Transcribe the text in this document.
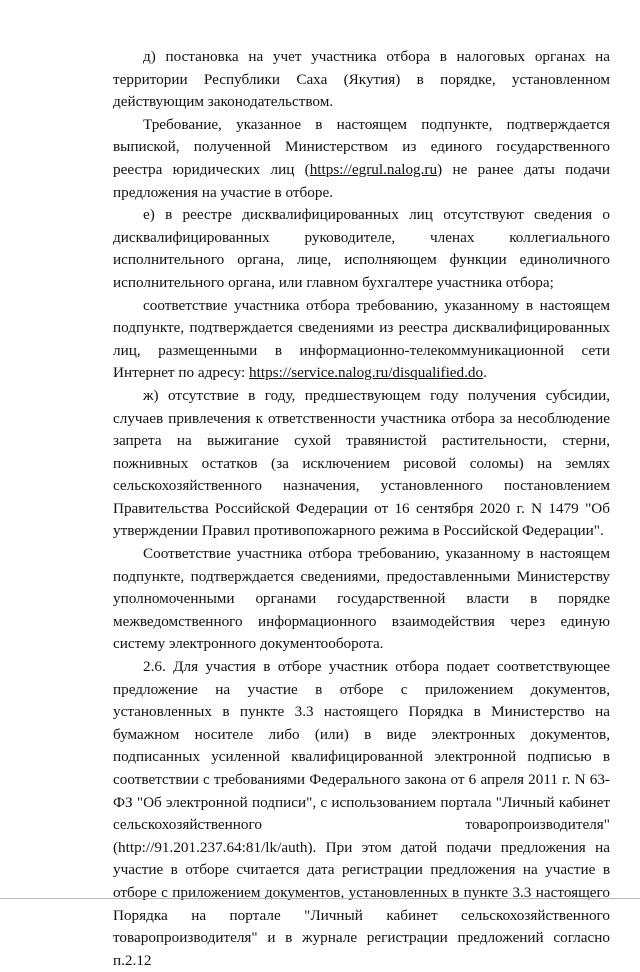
д) постановка на учет участника отбора в налоговых органах на территории Республики Саха (Якутия) в порядке, установленном действующим законодательством.

Требование, указанное в настоящем подпункте, подтверждается выпиской, полученной Министерством из единого государственного реестра юридических лиц (https://egrul.nalog.ru) не ранее даты подачи предложения на участие в отборе.

е) в реестре дисквалифицированных лиц отсутствуют сведения о дисквалифицированных руководителе, членах коллегиального исполнительного органа, лице, исполняющем функции единоличного исполнительного органа, или главном бухгалтере участника отбора;

соответствие участника отбора требованию, указанному в настоящем подпункте, подтверждается сведениями из реестра дисквалифицированных лиц, размещенными в информационно-телекоммуникационной сети Интернет по адресу: https://service.nalog.ru/disqualified.do.

ж) отсутствие в году, предшествующем году получения субсидии, случаев привлечения к ответственности участника отбора за несоблюдение запрета на выжигание сухой травянистой растительности, стерни, пожнивных остатков (за исключением рисовой соломы) на землях сельскохозяйственного назначения, установленного постановлением Правительства Российской Федерации от 16 сентября 2020 г. N 1479 "Об утверждении Правил противопожарного режима в Российской Федерации".

Соответствие участника отбора требованию, указанному в настоящем подпункте, подтверждается сведениями, предоставленными Министерству уполномоченными органами государственной власти в порядке межведомственного информационного взаимодействия через единую систему электронного документооборота.

2.6. Для участия в отборе участник отбора подает соответствующее предложение на участие в отборе с приложением документов, установленных в пункте 3.3 настоящего Порядка в Министерство на бумажном носителе либо (или) в виде электронных документов, подписанных усиленной квалифицированной электронной подписью в соответствии с требованиями Федерального закона от 6 апреля 2011 г. N 63-ФЗ "Об электронной подписи", с использованием портала "Личный кабинет сельскохозяйственного товаропроизводителя" (http://91.201.237.64:81/lk/auth). При этом датой подачи предложения на участие в отборе считается дата регистрации предложения на участие в отборе с приложением документов, установленных в пункте 3.3 настоящего Порядка на портале "Личный кабинет сельскохозяйственного товаропроизводителя" и в журнале регистрации предложений согласно п.2.12
